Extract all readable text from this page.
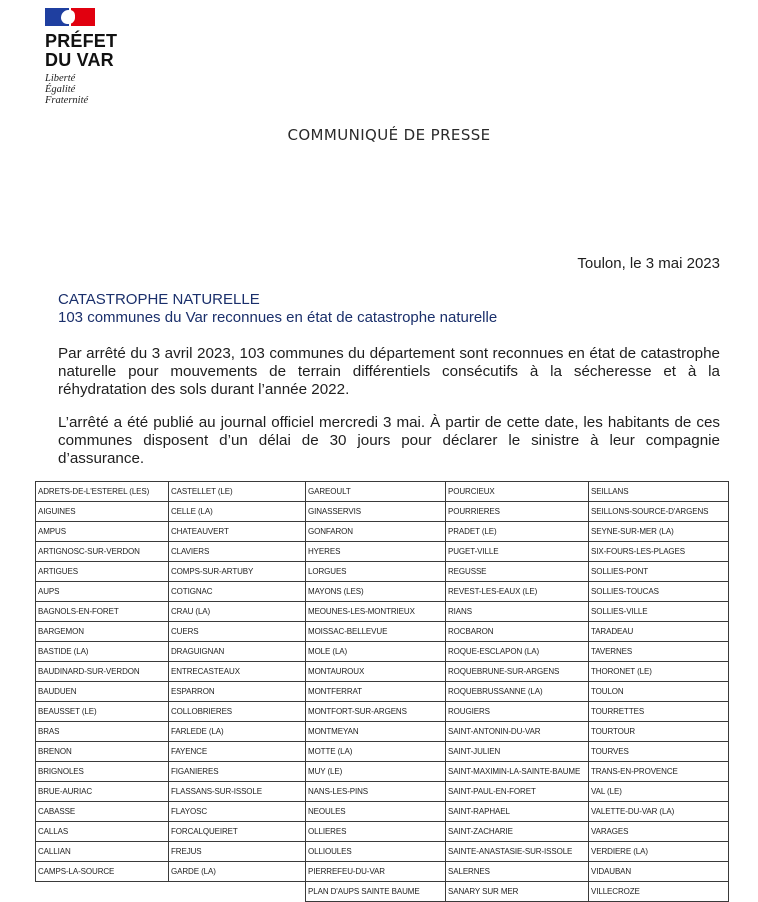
PRÉFET
DU VAR
Liberté
Égalité
Fraternité
COMMUNIQUÉ DE PRESSE
Toulon, le 3 mai 2023
CATASTROPHE NATURELLE
103 communes du Var reconnues en état de catastrophe naturelle
Par arrêté du 3 avril 2023, 103 communes du département sont reconnues en état de catastrophe naturelle pour mouvements de terrain différentiels consécutifs à la sécheresse et à la réhydratation des sols durant l’année 2022.
L’arrêté a été publié au journal officiel mercredi 3 mai. À partir de cette date, les habitants de ces communes disposent d’un délai de 30 jours pour déclarer le sinistre à leur compagnie d’assurance.
ADRETS-DE-L'ESTEREL (LES)	CASTELLET (LE)	GAREOULT	POURCIEUX	SEILLANS
AIGUINES	CELLE (LA)	GINASSERVIS	POURRIERES	SEILLONS-SOURCE-D'ARGENS
AMPUS	CHATEAUVERT	GONFARON	PRADET (LE)	SEYNE-SUR-MER (LA)
ARTIGNOSC-SUR-VERDON	CLAVIERS	HYERES	PUGET-VILLE	SIX-FOURS-LES-PLAGES
ARTIGUES	COMPS-SUR-ARTUBY	LORGUES	REGUSSE	SOLLIES-PONT
AUPS	COTIGNAC	MAYONS (LES)	REVEST-LES-EAUX (LE)	SOLLIES-TOUCAS
BAGNOLS-EN-FORET	CRAU (LA)	MEOUNES-LES-MONTRIEUX	RIANS	SOLLIES-VILLE
BARGEMON	CUERS	MOISSAC-BELLEVUE	ROCBARON	TARADEAU
BASTIDE (LA)	DRAGUIGNAN	MOLE (LA)	ROQUE-ESCLAPON (LA)	TAVERNES
BAUDINARD-SUR-VERDON	ENTRECASTEAUX	MONTAUROUX	ROQUEBRUNE-SUR-ARGENS	THORONET (LE)
BAUDUEN	ESPARRON	MONTFERRAT	ROQUEBRUSSANNE (LA)	TOULON
BEAUSSET (LE)	COLLOBRIERES	MONTFORT-SUR-ARGENS	ROUGIERS	TOURRETTES
BRAS	FARLEDE (LA)	MONTMEYAN	SAINT-ANTONIN-DU-VAR	TOURTOUR
BRENON	FAYENCE	MOTTE (LA)	SAINT-JULIEN	TOURVES
BRIGNOLES	FIGANIERES	MUY (LE)	SAINT-MAXIMIN-LA-SAINTE-BAUME	TRANS-EN-PROVENCE
BRUE-AURIAC	FLASSANS-SUR-ISSOLE	NANS-LES-PINS	SAINT-PAUL-EN-FORET	VAL (LE)
CABASSE	FLAYOSC	NEOULES	SAINT-RAPHAEL	VALETTE-DU-VAR (LA)
CALLAS	FORCALQUEIRET	OLLIERES	SAINT-ZACHARIE	VARAGES
CALLIAN	FREJUS	OLLIOULES	SAINTE-ANASTASIE-SUR-ISSOLE	VERDIERE (LA)
CAMPS-LA-SOURCE	GARDE (LA)	PIERREFEU-DU-VAR	SALERNES	VIDAUBAN
		PLAN D'AUPS SAINTE BAUME	SANARY SUR MER	VILLECROZE
